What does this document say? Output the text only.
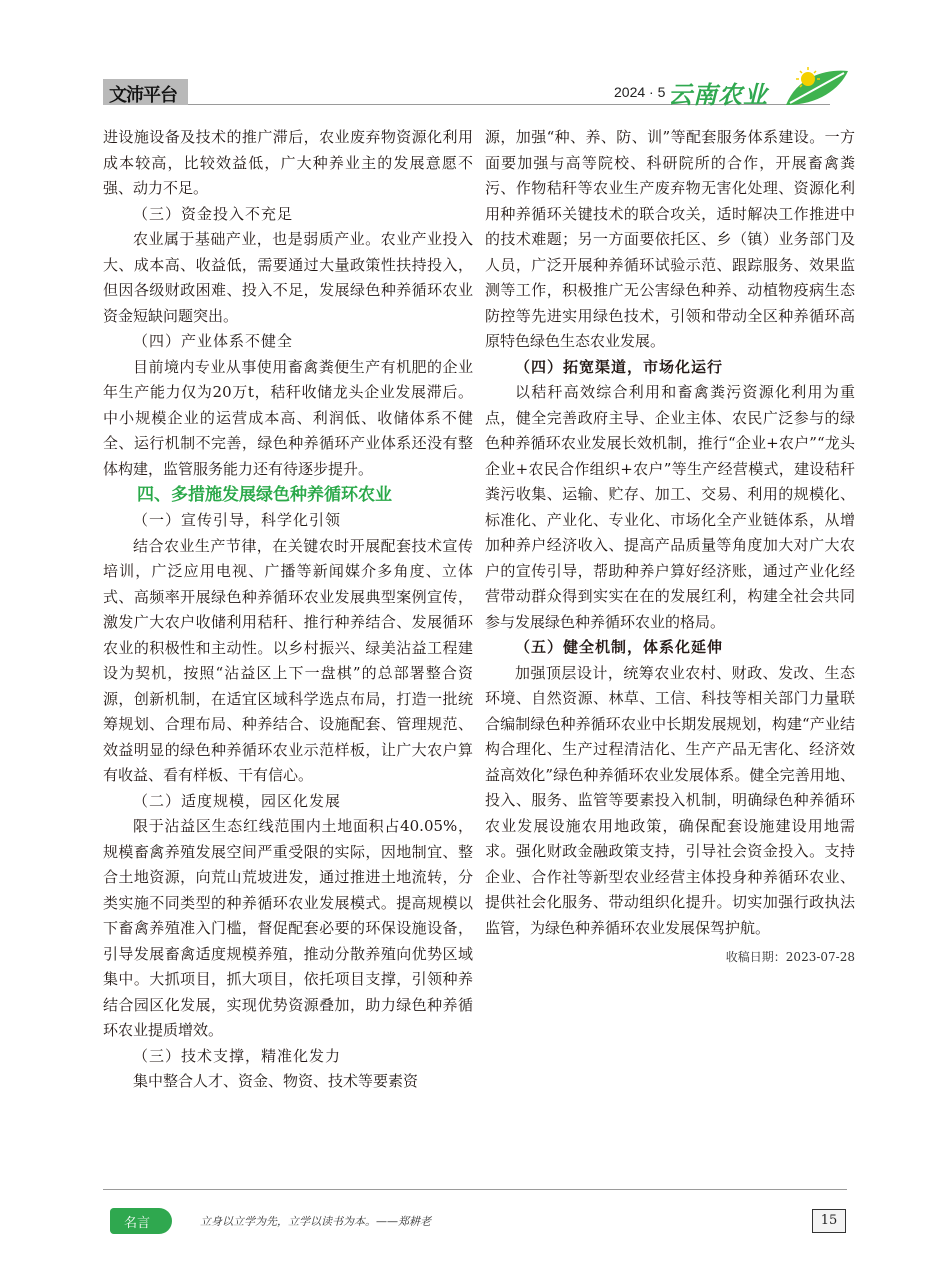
文沛平台	2024 · 5 云南农业

进设施设备及技术的推广滞后，农业废弃物资源化利用成本较高，比较效益低，广大种养业主的发展意愿不强、动力不足。

（三）资金投入不充足

农业属于基础产业，也是弱质产业。农业产业投入大、成本高、收益低，需要通过大量政策性扶持投入，但因各级财政困难、投入不足，发展绿色种养循环农业资金短缺问题突出。

（四）产业体系不健全

目前境内专业从事使用畜禽粪便生产有机肥的企业年生产能力仅为20万t，秸秆收储龙头企业发展滞后。中小规模企业的运营成本高、利润低、收储体系不健全、运行机制不完善，绿色种养循环产业体系还没有整体构建，监管服务能力还有待逐步提升。

四、多措施发展绿色种养循环农业
（一）宣传引导，科学化引领

结合农业生产节律，在关键农时开展配套技术宣传培训，广泛应用电视、广播等新闻媒介多角度、立体式、高频率开展绿色种养循环农业发展典型案例宣传，激发广大农户收储利用秸秆、推行种养结合、发展循环农业的积极性和主动性。以乡村振兴、绿美沾益工程建设为契机，按照“沾益区上下一盘棋”的总部署整合资源，创新机制，在适宜区域科学选点布局，打造一批统筹规划、合理布局、种养结合、设施配套、管理规范、效益明显的绿色种养循环农业示范样板，让广大农户算有收益、看有样板、干有信心。

（二）适度规模，园区化发展

限于沾益区生态红线范围内土地面积占40.05%，规模畜禽养殖发展空间严重受限的实际，因地制宜、整合土地资源，向荒山荒坡进发，通过推进土地流转，分类实施不同类型的种养循环农业发展模式。提高规模以下畜禽养殖准入门槛，督促配套必要的环保设施设备，引导发展畜禽适度规模养殖，推动分散养殖向优势区域集中。大抓项目，抓大项目，依托项目支撑，引领种养结合园区化发展，实现优势资源叠加，助力绿色种养循环农业提质增效。

（三）技术支撑，精准化发力

集中整合人才、资金、物资、技术等要素资

源，加强“种、养、防、训”等配套服务体系建设。一方面要加强与高等院校、科研院所的合作，开展畜禽粪污、作物秸秆等农业生产废弃物无害化处理、资源化利用种养循环关键技术的联合攻关，适时解决工作推进中的技术难题；另一方面要依托区、乡（镇）业务部门及人员，广泛开展种养循环试验示范、跟踪服务、效果监测等工作，积极推广无公害绿色种养、动植物疫病生态防控等先进实用绿色技术，引领和带动全区种养循环高原特色绿色生态农业发展。

（四）拓宽渠道，市场化运行

以秸秆高效综合利用和畜禽粪污资源化利用为重点，健全完善政府主导、企业主体、农民广泛参与的绿色种养循环农业发展长效机制，推行“企业+农户”“龙头企业+农民合作组织+农户”等生产经营模式，建设秸秆粪污收集、运输、贮存、加工、交易、利用的规模化、标准化、产业化、专业化、市场化全产业链体系，从增加种养户经济收入、提高产品质量等角度加大对广大农户的宣传引导，帮助种养户算好经济账，通过产业化经营带动群众得到实实在在的发展红利，构建全社会共同参与发展绿色种养循环农业的格局。

（五）健全机制，体系化延伸

加强顶层设计，统筹农业农村、财政、发改、生态环境、自然资源、林草、工信、科技等相关部门力量联合编制绿色种养循环农业中长期发展规划，构建“产业结构合理化、生产过程清洁化、生产产品无害化、经济效益高效化”绿色种养循环农业发展体系。健全完善用地、投入、服务、监管等要素投入机制，明确绿色种养循环农业发展设施农用地政策，确保配套设施建设用地需求。强化财政金融政策支持，引导社会资金投入。支持企业、合作社等新型农业经营主体投身种养循环农业、提供社会化服务、带动组织化提升。切实加强行政执法监管，为绿色种养循环农业发展保驾护航。

收稿日期：2023-07-28
名言	立身以立学为先，立学以读书为本。——郑耕老	15
